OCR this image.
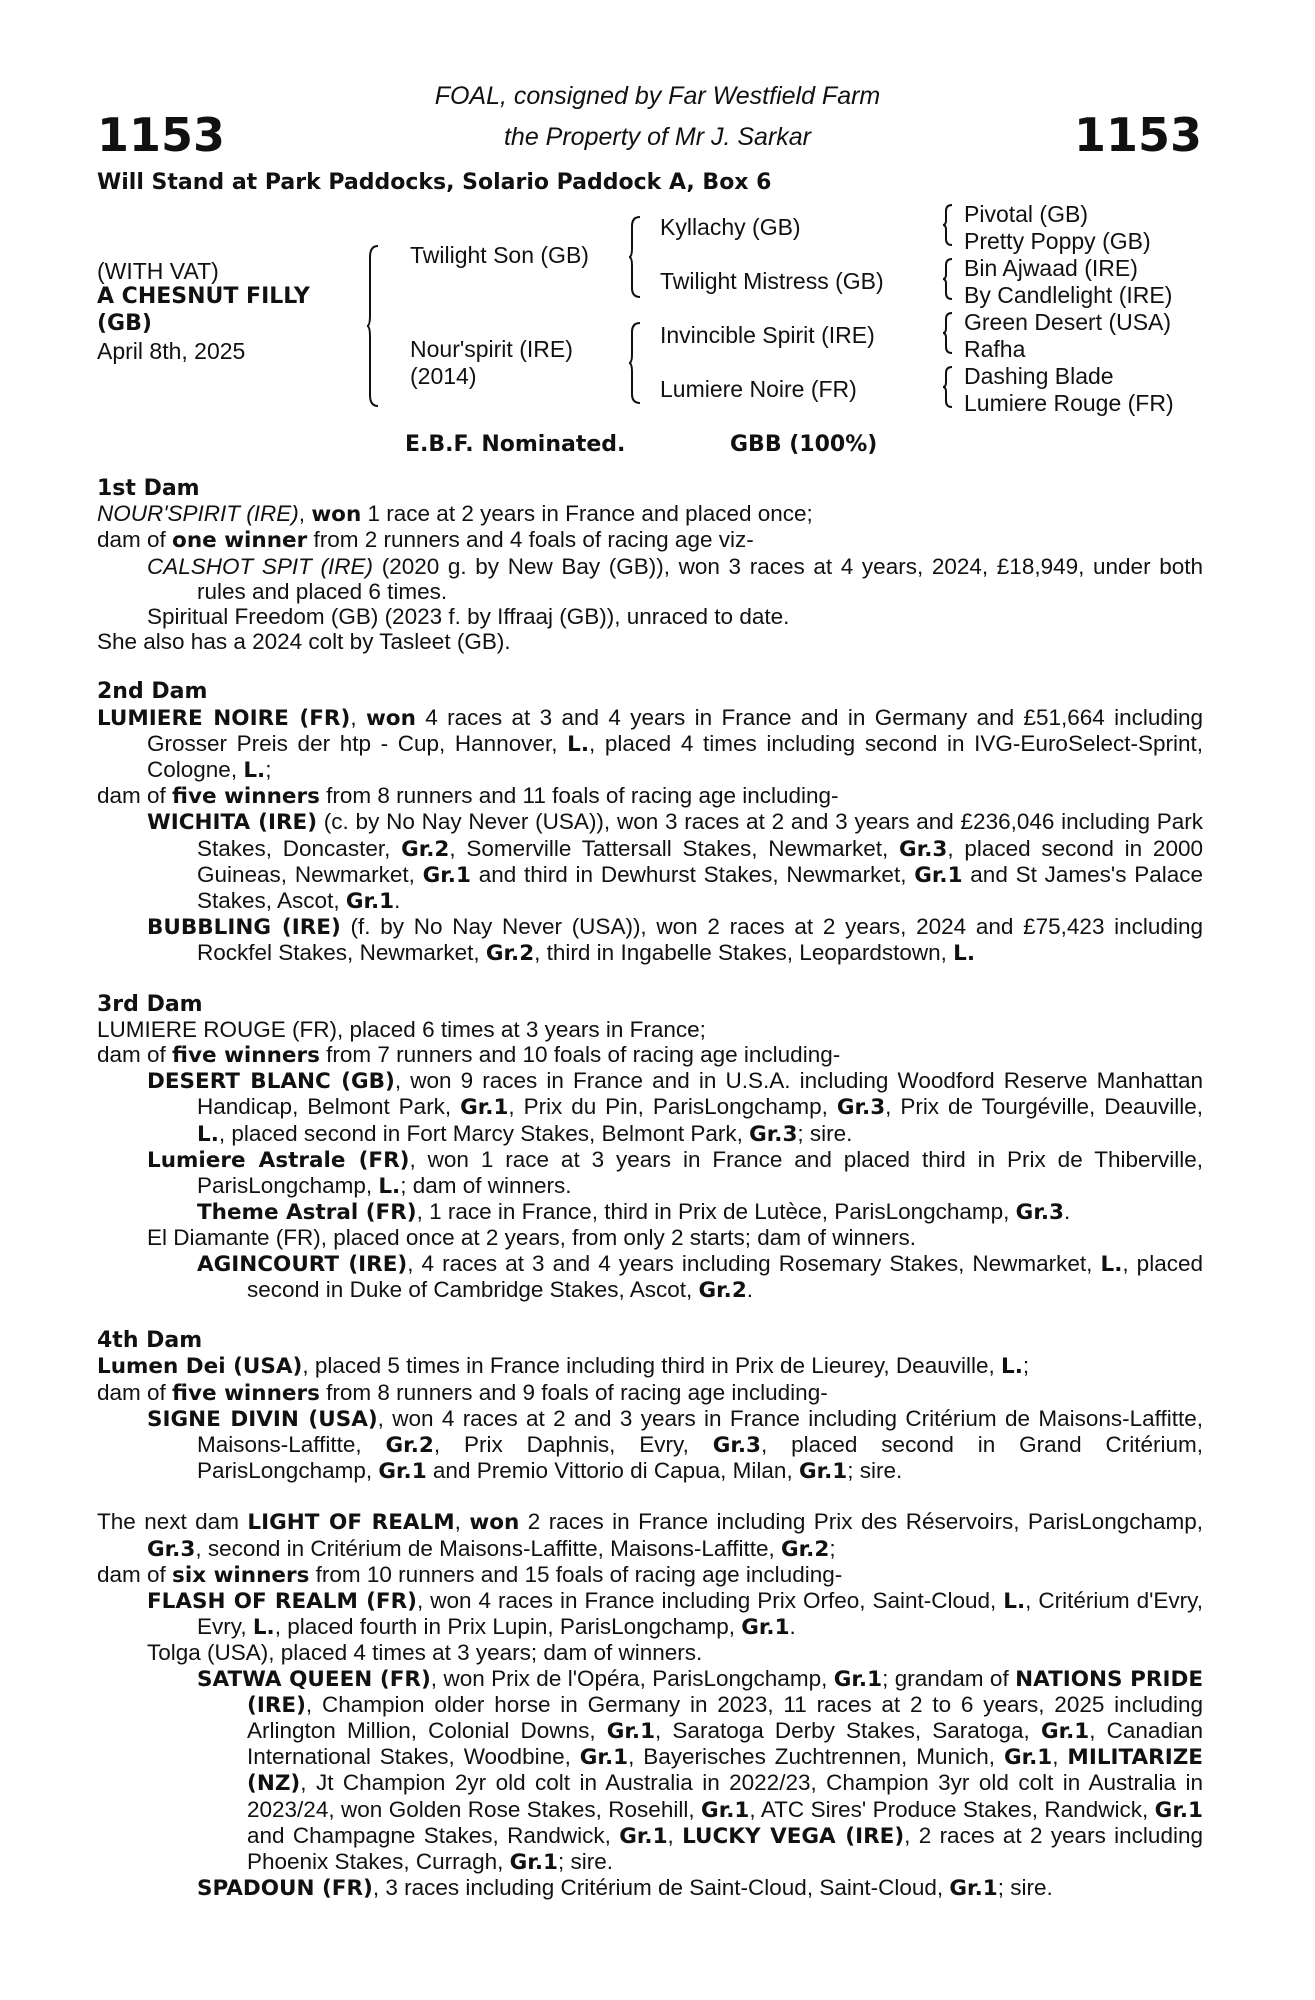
1153	1153
FOAL, consigned by Far Westfield Farm
the Property of Mr J. Sarkar
Will Stand at Park Paddocks, Solario Paddock A, Box 6
(WITH VAT)
A CHESNUT FILLY
(GB)
April 8th, 2025
Twilight Son (GB)
Nour'spirit (IRE)
(2014)
Kyllachy (GB)
Twilight Mistress (GB)
Invincible Spirit (IRE)
Lumiere Noire (FR)
Pivotal (GB)
Pretty Poppy (GB)
Bin Ajwaad (IRE)
By Candlelight (IRE)
Green Desert (USA)
Rafha
Dashing Blade
Lumiere Rouge (FR)
E.B.F. Nominated.	GBB (100%)
1st Dam
NOUR'SPIRIT (IRE), won 1 race at 2 years in France and placed once;
dam of one winner from 2 runners and 4 foals of racing age viz-
CALSHOT SPIT (IRE) (2020 g. by New Bay (GB)), won 3 races at 4 years, 2024, £18,949, under both rules and placed 6 times.
Spiritual Freedom (GB) (2023 f. by Iffraaj (GB)), unraced to date.
She also has a 2024 colt by Tasleet (GB).
2nd Dam
LUMIERE NOIRE (FR), won 4 races at 3 and 4 years in France and in Germany and £51,664 including Grosser Preis der htp - Cup, Hannover, L., placed 4 times including second in IVG-EuroSelect-Sprint, Cologne, L.;
dam of five winners from 8 runners and 11 foals of racing age including-
WICHITA (IRE) (c. by No Nay Never (USA)), won 3 races at 2 and 3 years and £236,046 including Park Stakes, Doncaster, Gr.2, Somerville Tattersall Stakes, Newmarket, Gr.3, placed second in 2000 Guineas, Newmarket, Gr.1 and third in Dewhurst Stakes, Newmarket, Gr.1 and St James's Palace Stakes, Ascot, Gr.1.
BUBBLING (IRE) (f. by No Nay Never (USA)), won 2 races at 2 years, 2024 and £75,423 including Rockfel Stakes, Newmarket, Gr.2, third in Ingabelle Stakes, Leopardstown, L.
3rd Dam
LUMIERE ROUGE (FR), placed 6 times at 3 years in France;
dam of five winners from 7 runners and 10 foals of racing age including-
DESERT BLANC (GB), won 9 races in France and in U.S.A. including Woodford Reserve Manhattan Handicap, Belmont Park, Gr.1, Prix du Pin, ParisLongchamp, Gr.3, Prix de Tourgéville, Deauville, L., placed second in Fort Marcy Stakes, Belmont Park, Gr.3; sire.
Lumiere Astrale (FR), won 1 race at 3 years in France and placed third in Prix de Thiberville, ParisLongchamp, L.; dam of winners.
Theme Astral (FR), 1 race in France, third in Prix de Lutèce, ParisLongchamp, Gr.3.
El Diamante (FR), placed once at 2 years, from only 2 starts; dam of winners.
AGINCOURT (IRE), 4 races at 3 and 4 years including Rosemary Stakes, Newmarket, L., placed second in Duke of Cambridge Stakes, Ascot, Gr.2.
4th Dam
Lumen Dei (USA), placed 5 times in France including third in Prix de Lieurey, Deauville, L.;
dam of five winners from 8 runners and 9 foals of racing age including-
SIGNE DIVIN (USA), won 4 races at 2 and 3 years in France including Critérium de Maisons-Laffitte, Maisons-Laffitte, Gr.2, Prix Daphnis, Evry, Gr.3, placed second in Grand Critérium, ParisLongchamp, Gr.1 and Premio Vittorio di Capua, Milan, Gr.1; sire.
The next dam LIGHT OF REALM, won 2 races in France including Prix des Réservoirs, ParisLongchamp, Gr.3, second in Critérium de Maisons-Laffitte, Maisons-Laffitte, Gr.2;
dam of six winners from 10 runners and 15 foals of racing age including-
FLASH OF REALM (FR), won 4 races in France including Prix Orfeo, Saint-Cloud, L., Critérium d'Evry, Evry, L., placed fourth in Prix Lupin, ParisLongchamp, Gr.1.
Tolga (USA), placed 4 times at 3 years; dam of winners.
SATWA QUEEN (FR), won Prix de l'Opéra, ParisLongchamp, Gr.1; grandam of NATIONS PRIDE (IRE), Champion older horse in Germany in 2023, 11 races at 2 to 6 years, 2025 including Arlington Million, Colonial Downs, Gr.1, Saratoga Derby Stakes, Saratoga, Gr.1, Canadian International Stakes, Woodbine, Gr.1, Bayerisches Zuchtrennen, Munich, Gr.1, MILITARIZE (NZ), Jt Champion 2yr old colt in Australia in 2022/23, Champion 3yr old colt in Australia in 2023/24, won Golden Rose Stakes, Rosehill, Gr.1, ATC Sires' Produce Stakes, Randwick, Gr.1 and Champagne Stakes, Randwick, Gr.1, LUCKY VEGA (IRE), 2 races at 2 years including Phoenix Stakes, Curragh, Gr.1; sire.
SPADOUN (FR), 3 races including Critérium de Saint-Cloud, Saint-Cloud, Gr.1; sire.
